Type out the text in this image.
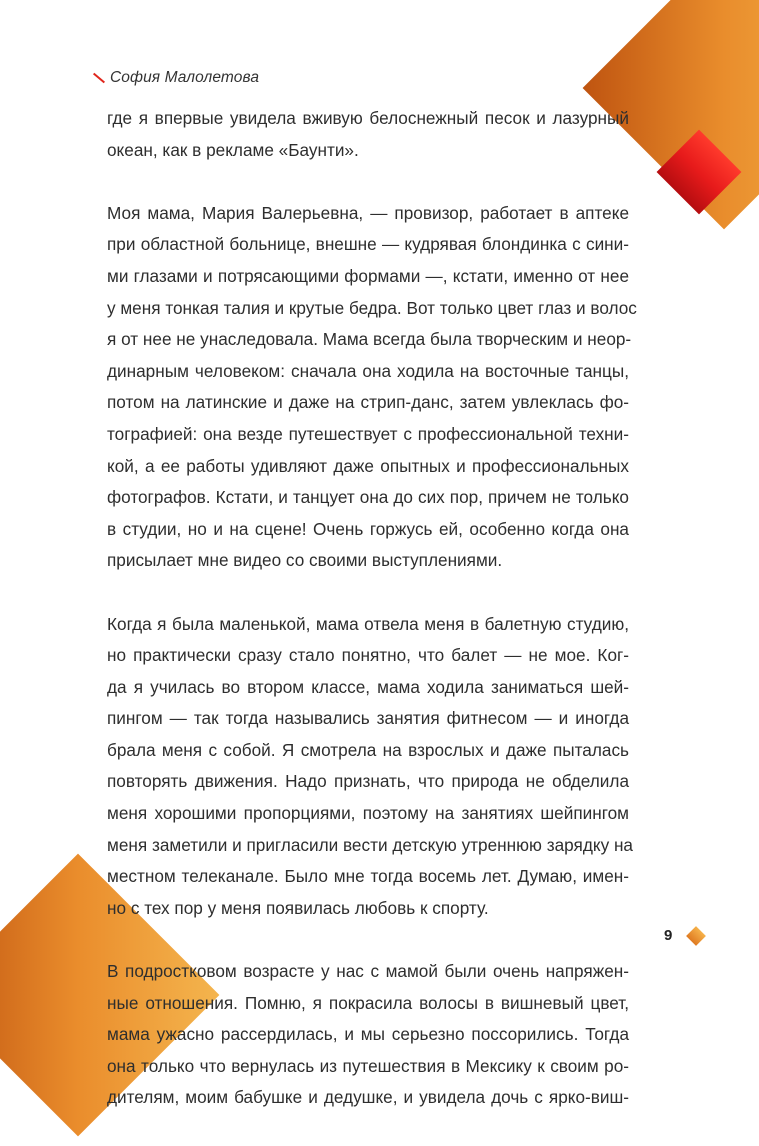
София Малолетова
где я впервые увидела вживую белоснежный песок и лазурный
океан, как в рекламе «Баунти».
Моя мама, Мария Валерьевна, — провизор, работает в аптеке
при областной больнице, внешне — кудрявая блондинка с сини-
ми глазами и потрясающими формами —, кстати, именно от нее
у меня тонкая талия и крутые бедра. Вот только цвет глаз и волос
я от нее не унаследовала. Мама всегда была творческим и неор-
динарным человеком: сначала она ходила на восточные танцы,
потом на латинские и даже на стрип-данс, затем увлеклась фо-
тографией: она везде путешествует с профессиональной техни-
кой, а ее работы удивляют даже опытных и профессиональных
фотографов. Кстати, и танцует она до сих пор, причем не только
в студии, но и на сцене! Очень горжусь ей, особенно когда она
присылает мне видео со своими выступлениями.
Когда я была маленькой, мама отвела меня в балетную студию,
но практически сразу стало понятно, что балет — не мое. Ког-
да я училась во втором классе, мама ходила заниматься шей-
пингом — так тогда назывались занятия фитнесом — и иногда
брала меня с собой. Я смотрела на взрослых и даже пыталась
повторять движения. Надо признать, что природа не обделила
меня хорошими пропорциями, поэтому на занятиях шейпингом
меня заметили и пригласили вести детскую утреннюю зарядку на
местном телеканале. Было мне тогда восемь лет. Думаю, имен-
но с тех пор у меня появилась любовь к спорту.
В подростковом возрасте у нас с мамой были очень напряжен-
ные отношения. Помню, я покрасила волосы в вишневый цвет,
мама ужасно рассердилась, и мы серьезно поссорились. Тогда
она только что вернулась из путешествия в Мексику к своим ро-
дителям, моим бабушке и дедушке, и увидела дочь с ярко-виш-
9
